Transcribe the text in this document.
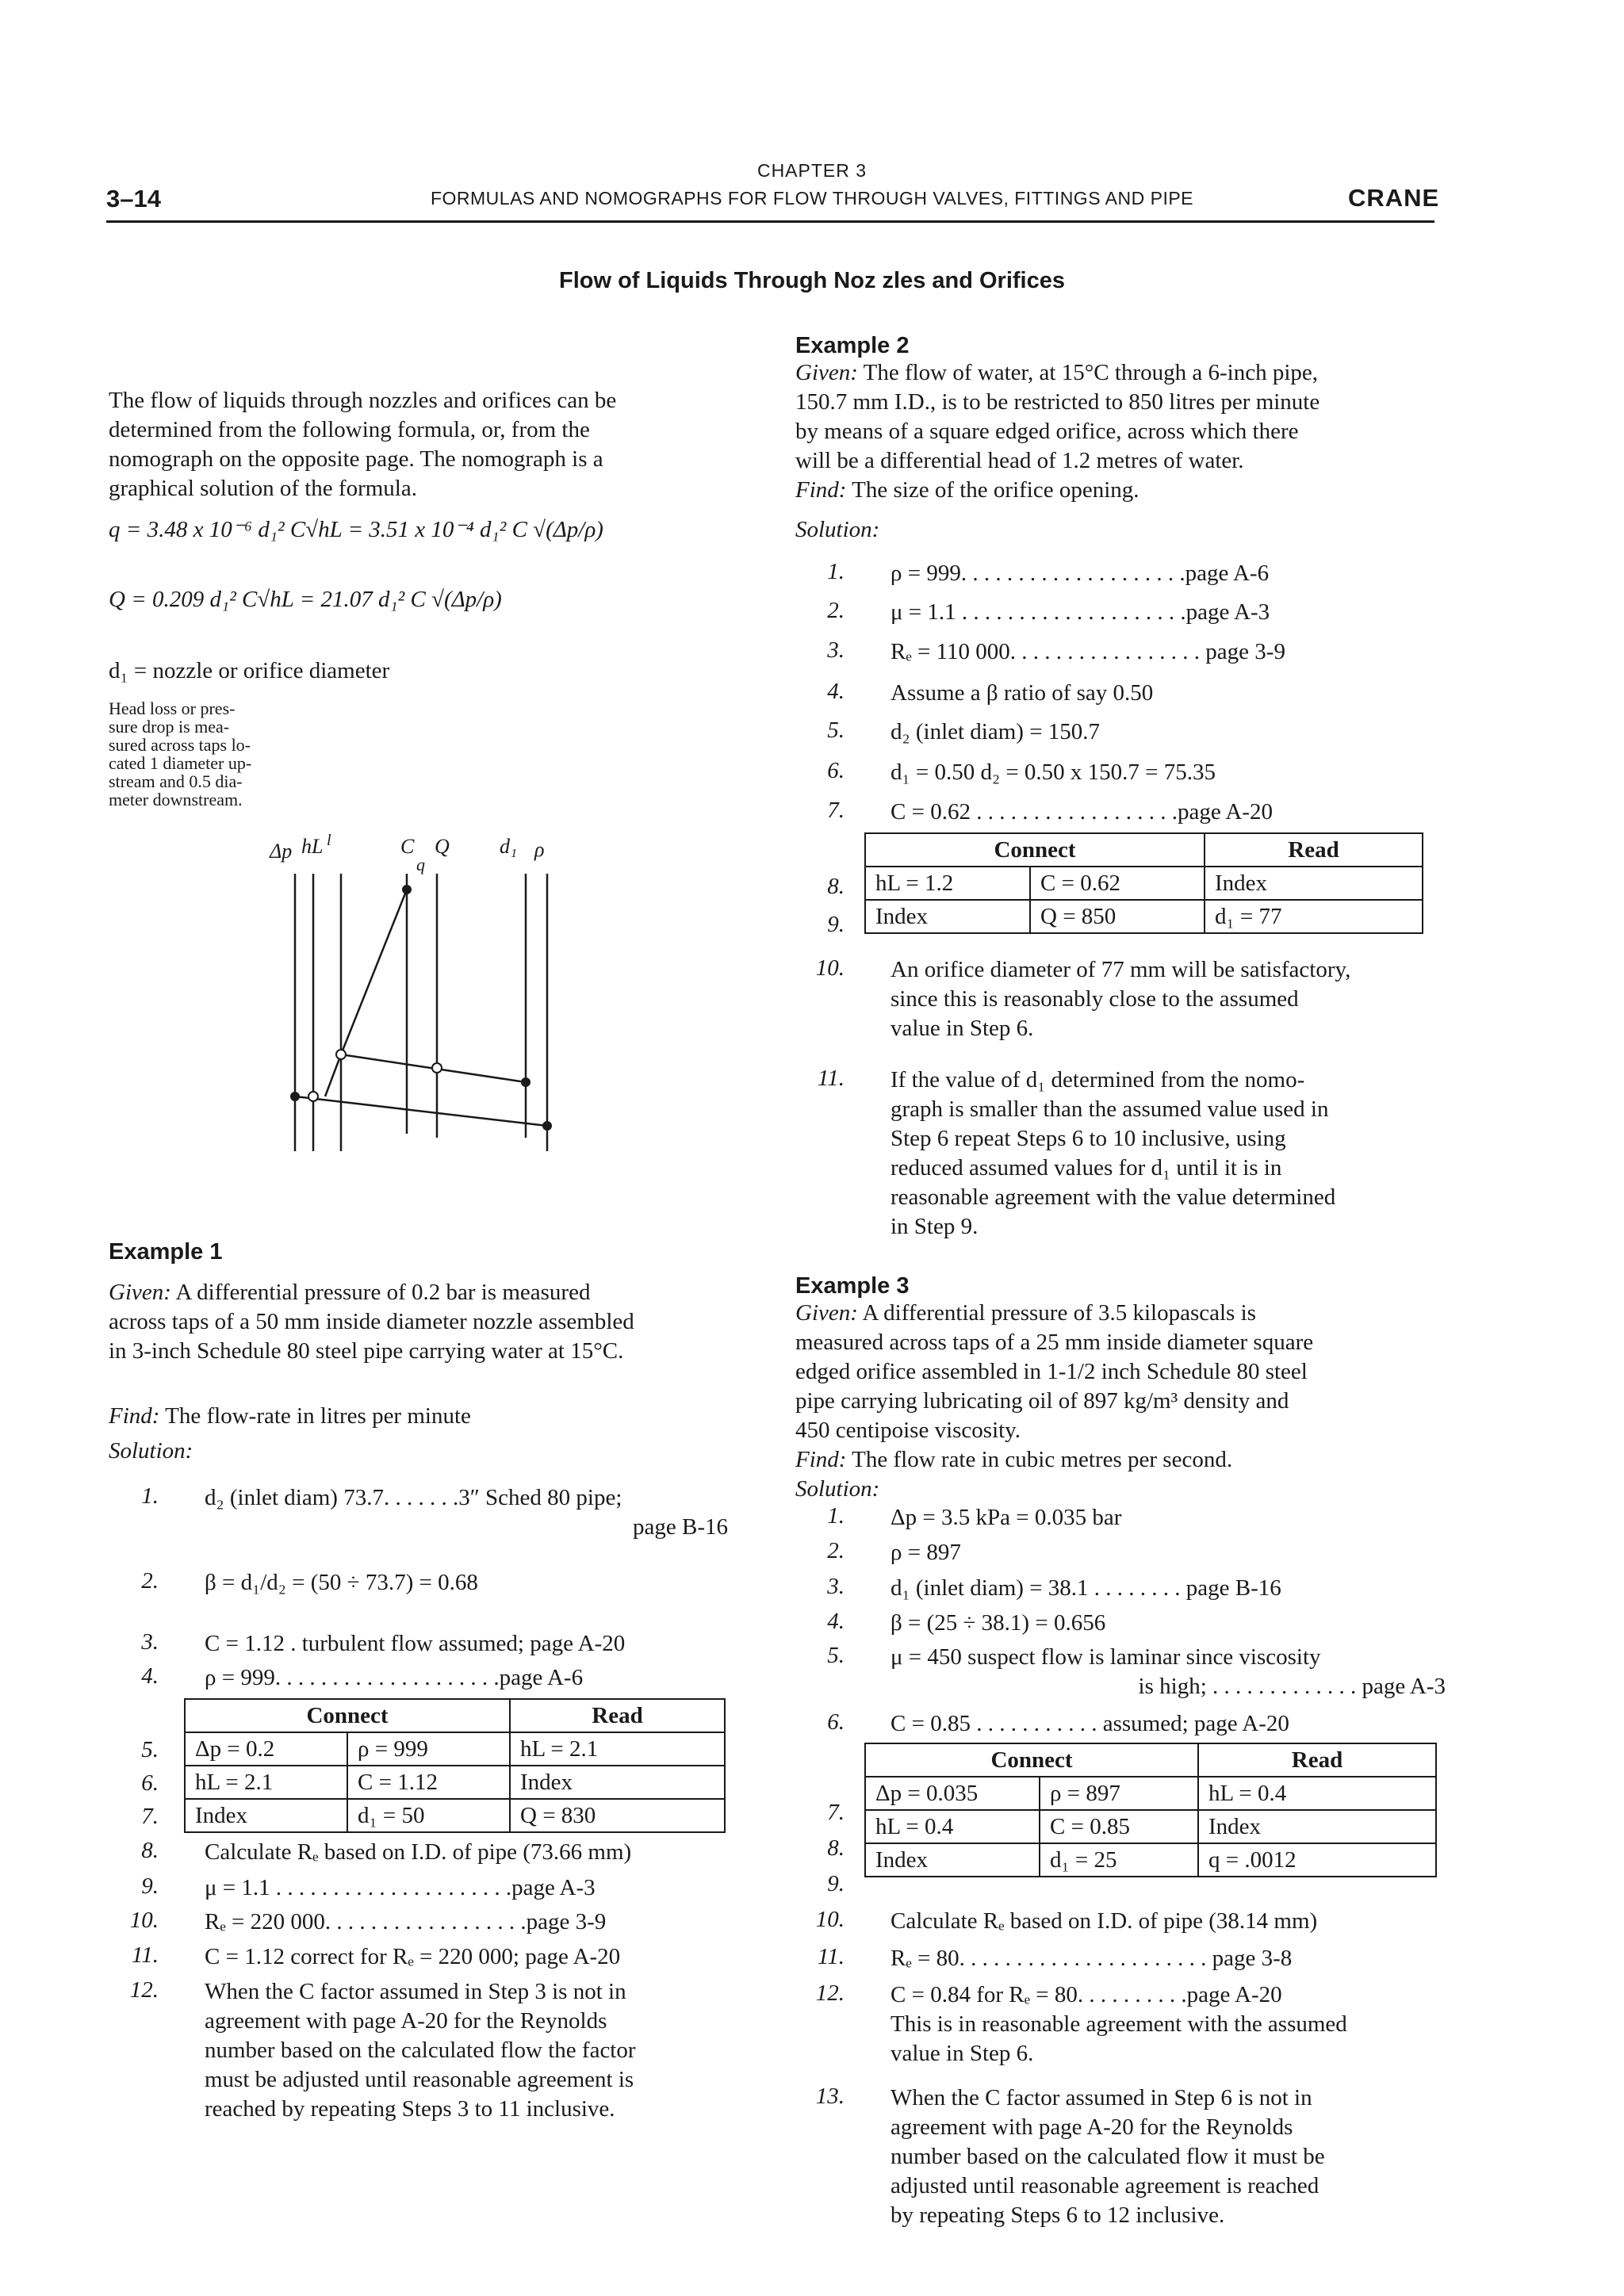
CHAPTER 3
3–14	FORMULAS AND NOMOGRAPHS FOR FLOW THROUGH VALVES, FITTINGS AND PIPE	CRANE
Flow of Liquids Through Noz zles and Orifices
The flow of liquids through nozzles and orifices can be
determined from the following formula, or, from the
nomograph on the opposite page. The nomograph is a
graphical solution of the formula.
q = 3.48 x 10⁻⁶ d₁² C√hL = 3.51 x 10⁻⁴ d₁² C √(Δp/ρ)
Q = 0.209 d₁² C√hL = 21.07 d₁² C √(Δp/ρ)
d₁ = nozzle or orifice diameter
Head loss or pres-
sure drop is mea-
sured across taps lo-
cated 1 diameter up-
stream and 0.5 dia-
meter downstream.
Δp hL l	C
q
Q d₁ ρ
Example 1
Given: A differential pressure of 0.2 bar is measured
across taps of a 50 mm inside diameter nozzle assembled
in 3-inch Schedule 80 steel pipe carrying water at 15°C.
Find: The flow-rate in litres per minute
Solution:
1. d₂ (inlet diam) 73.7. . . . . . .3″ Sched 80 pipe;
page B-16
2. β = d₁/d₂ = (50 ÷ 73.7) = 0.68
3. C = 1.12 . turbulent flow assumed; page A-20
4. ρ = 999. . . . . . . . . . . . . . . . . . . .page A-6
Connect		Read
Δp = 0.2	ρ = 999	hL = 2.1
hL = 2.1	C = 1.12	Index
Index	d₁ = 50	Q = 830
5.
6.
7.
8. Calculate Rₑ based on I.D. of pipe (73.66 mm)
9. μ = 1.1 . . . . . . . . . . . . . . . . . . . . .page A-3
10. Rₑ = 220 000. . . . . . . . . . . . . . . . . .page 3-9
11. C = 1.12 correct for Rₑ = 220 000; page A-20
12. When the C factor assumed in Step 3 is not in
agreement with page A-20 for the Reynolds
number based on the calculated flow the factor
must be adjusted until reasonable agreement is
reached by repeating Steps 3 to 11 inclusive.
Example 2
Given: The flow of water, at 15°C through a 6-inch pipe,
150.7 mm I.D., is to be restricted to 850 litres per minute
by means of a square edged orifice, across which there
will be a differential head of 1.2 metres of water.
Find: The size of the orifice opening.
Solution:
1. ρ = 999. . . . . . . . . . . . . . . . . . . .page A-6
2. μ = 1.1 . . . . . . . . . . . . . . . . . . . .page A-3
3. Rₑ = 110 000. . . . . . . . . . . . . . . . . page 3-9
4. Assume a β ratio of say 0.50
5. d₂ (inlet diam) = 150.7
6. d₁ = 0.50 d₂ = 0.50 x 150.7 = 75.35
7. C = 0.62 . . . . . . . . . . . . . . . . . .page A-20
Connect		Read
hL = 1.2	C = 0.62	Index
Index	Q = 850	d₁ = 77
8.
9.
10. An orifice diameter of 77 mm will be satisfactory,
since this is reasonably close to the assumed
value in Step 6.
11. If the value of d₁ determined from the nomo-
graph is smaller than the assumed value used in
Step 6 repeat Steps 6 to 10 inclusive, using
reduced assumed values for d₁ until it is in
reasonable agreement with the value determined
in Step 9.
Example 3
Given: A differential pressure of 3.5 kilopascals is
measured across taps of a 25 mm inside diameter square
edged orifice assembled in 1-1/2 inch Schedule 80 steel
pipe carrying lubricating oil of 897 kg/m³ density and
450 centipoise viscosity.
Find: The flow rate in cubic metres per second.
Solution:
1. Δp = 3.5 kPa = 0.035 bar
2. ρ = 897
3. d₁ (inlet diam) = 38.1 . . . . . . . . page B-16
4. β = (25 ÷ 38.1) = 0.656
5. μ = 450 suspect flow is laminar since viscosity
is high; . . . . . . . . . . . . . page A-3
6. C = 0.85 . . . . . . . . . . . assumed; page A-20
Connect		Read
Δp = 0.035	ρ = 897	hL = 0.4
hL = 0.4	C = 0.85	Index
Index	d₁ = 25	q = .0012
7.
8.
9.
10. Calculate Rₑ based on I.D. of pipe (38.14 mm)
11. Rₑ = 80. . . . . . . . . . . . . . . . . . . . . . page 3-8
12. C = 0.84 for Rₑ = 80. . . . . . . . . .page A-20
This is in reasonable agreement with the assumed
value in Step 6.
13. When the C factor assumed in Step 6 is not in
agreement with page A-20 for the Reynolds
number based on the calculated flow it must be
adjusted until reasonable agreement is reached
by repeating Steps 6 to 12 inclusive.
